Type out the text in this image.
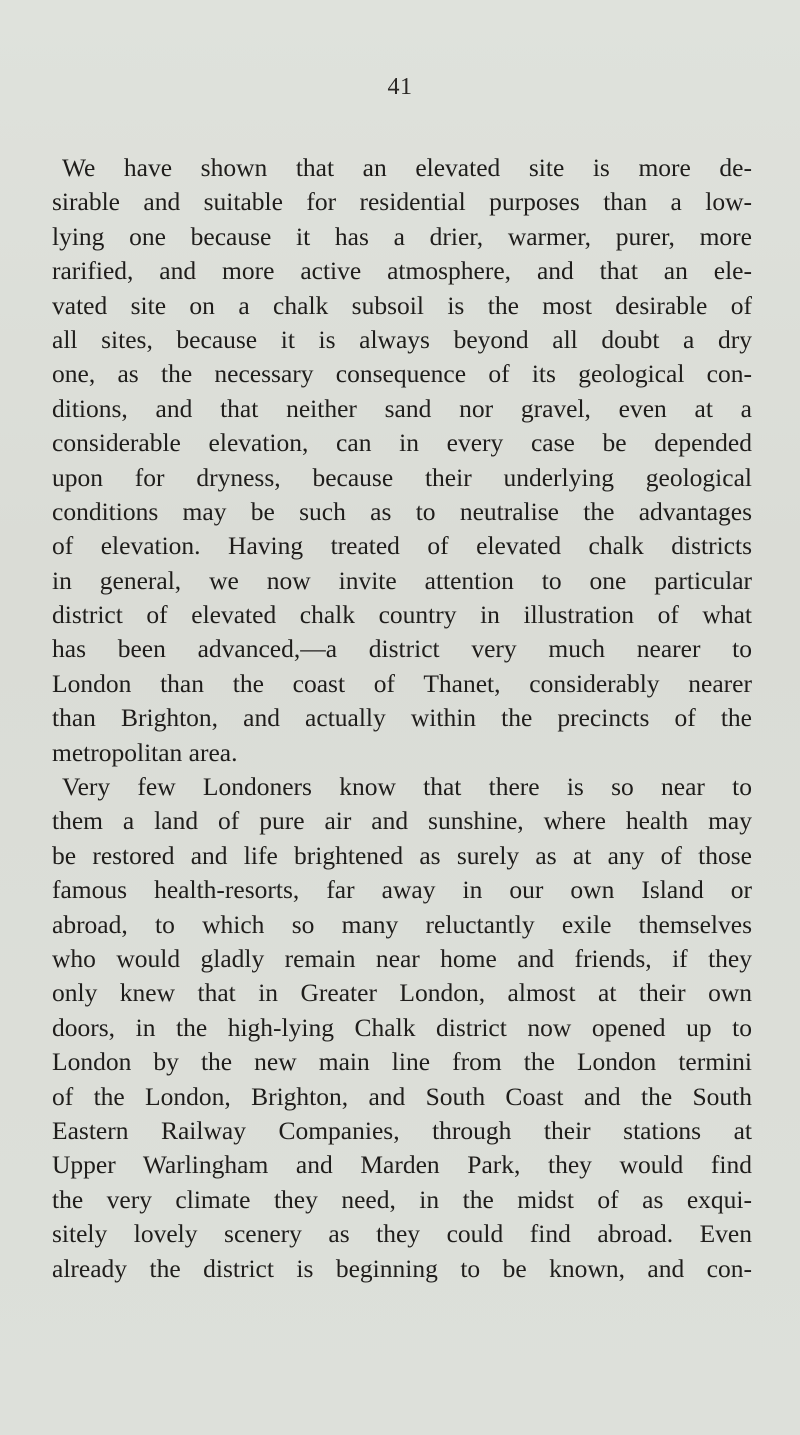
41
We have shown that an elevated site is more de-
sirable and suitable for residential purposes than a low-
lying one because it has a drier, warmer, purer, more
rarified, and more active atmosphere, and that an ele-
vated site on a chalk subsoil is the most desirable of
all sites, because it is always beyond all doubt a dry
one, as the necessary consequence of its geological con-
ditions, and that neither sand nor gravel, even at a
considerable elevation, can in every case be depended
upon for dryness, because their underlying geological
conditions may be such as to neutralise the advantages
of elevation. Having treated of elevated chalk districts
in general, we now invite attention to one particular
district of elevated chalk country in illustration of what
has been advanced,—a district very much nearer to
London than the coast of Thanet, considerably nearer
than Brighton, and actually within the precincts of the
metropolitan area.
Very few Londoners know that there is so near to
them a land of pure air and sunshine, where health may
be restored and life brightened as surely as at any of those
famous health-resorts, far away in our own Island or
abroad, to which so many reluctantly exile themselves
who would gladly remain near home and friends, if they
only knew that in Greater London, almost at their own
doors, in the high-lying Chalk district now opened up to
London by the new main line from the London termini
of the London, Brighton, and South Coast and the South
Eastern Railway Companies, through their stations at
Upper Warlingham and Marden Park, they would find
the very climate they need, in the midst of as exqui-
sitely lovely scenery as they could find abroad. Even
already the district is beginning to be known, and con-
